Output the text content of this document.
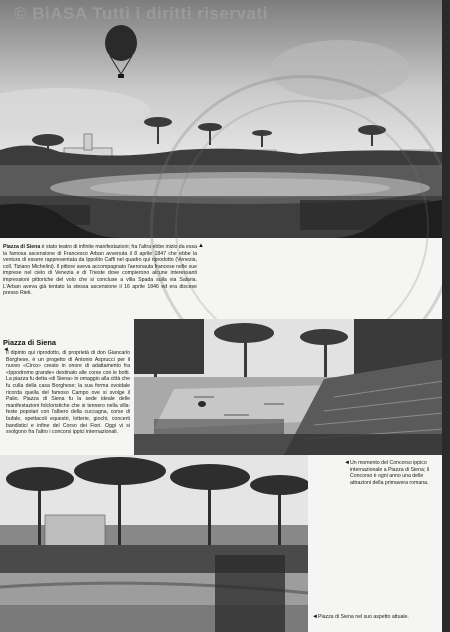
© BiASA Tutti i diritti riservati
Piazza di Siena è stato teatro di infinite manifestazioni; fra l'altra ebbe inizio da essa la famosa ascensione di Francesco Arban avvenuta il 8 aprile 1847 che ebbe la ventura di essere rappresentata da Ippolito Caffi nel quadro qui riprodotto (Venezia, coll. Tiziano Michelini). Il pittore aveva accompagnato l'aeronauta francese nelle sue imprese nel cielo di Venezia e di Trieste dove compierono alcune interessanti impressioni pittoriche del volo che si concluse a villa Spada sulla via Salaria. L'Arban aveva già tentato la stessa ascensione il 16 aprile 1846 ed era discese presso Rieti.
▲
Piazza di Siena
◄
Il dipinto qui riprodotto, di proprietà di don Giancarlo Borghese, è un progetto di Antonio Asprucci per il nuovo «Circo» creato in onore di adattamento fra «Ippodromo grande» destinato alle corse con le botti. La piazza fu detta «di Siena» in omaggio alla città che fu culla della casa Borghese; la sua forma ovoidale ricorda quella del famoso Campo ove si svolge il Palio. Piazza di Siena fu la sede ideale delle manifestazioni folcloristiche che si tennero nella villa: feste popolari con l'albero della cuccagna, corse di bufale, spettacoli equestri, lotterie, giochi, concerti bandistici e infine del Corso dei Fiori. Oggi vi si svolgono fra l'altro i concorsi ippici internazionali.
◄ Un momento del Concorso ippico internazionale a Piazza di Siena; il Concorso è ogni anno una delle attrazioni della primavera romana.
◄ Piazza di Siena nel suo aspetto attuale.
